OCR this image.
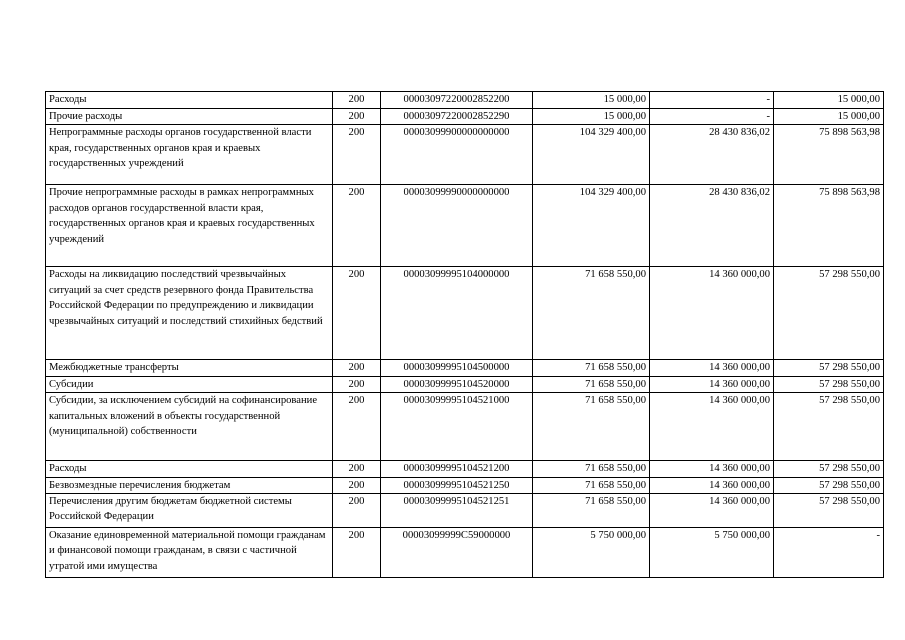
Расходы	200	00003097220002852200	15 000,00	-	15 000,00
Прочие расходы	200	00003097220002852290	15 000,00	-	15 000,00
Непрограммные расходы органов государственной власти края, государственных органов края и краевых государственных учреждений	200	00003099900000000000	104 329 400,00	28 430 836,02	75 898 563,98
Прочие непрограммные расходы в рамках непрограммных расходов органов государственной власти края, государственных органов края и краевых государственных учреждений	200	00003099990000000000	104 329 400,00	28 430 836,02	75 898 563,98
Расходы на ликвидацию последствий чрезвычайных ситуаций за счет средств резервного фонда Правительства Российской Федерации по предупреждению и ликвидации чрезвычайных ситуаций и последствий стихийных бедствий	200	00003099995104000000	71 658 550,00	14 360 000,00	57 298 550,00
Межбюджетные трансферты	200	00003099995104500000	71 658 550,00	14 360 000,00	57 298 550,00
Субсидии	200	00003099995104520000	71 658 550,00	14 360 000,00	57 298 550,00
Субсидии, за исключением субсидий на софинансирование капитальных вложений в объекты государственной (муниципальной) собственности	200	00003099995104521000	71 658 550,00	14 360 000,00	57 298 550,00
Расходы	200	00003099995104521200	71 658 550,00	14 360 000,00	57 298 550,00
Безвозмездные перечисления бюджетам	200	00003099995104521250	71 658 550,00	14 360 000,00	57 298 550,00
Перечисления другим бюджетам бюджетной системы Российской Федерации	200	00003099995104521251	71 658 550,00	14 360 000,00	57 298 550,00
Оказание единовременной материальной помощи гражданам и финансовой помощи гражданам, в связи с частичной утратой ими имущества	200	00003099999С59000000	5 750 000,00	5 750 000,00	-
